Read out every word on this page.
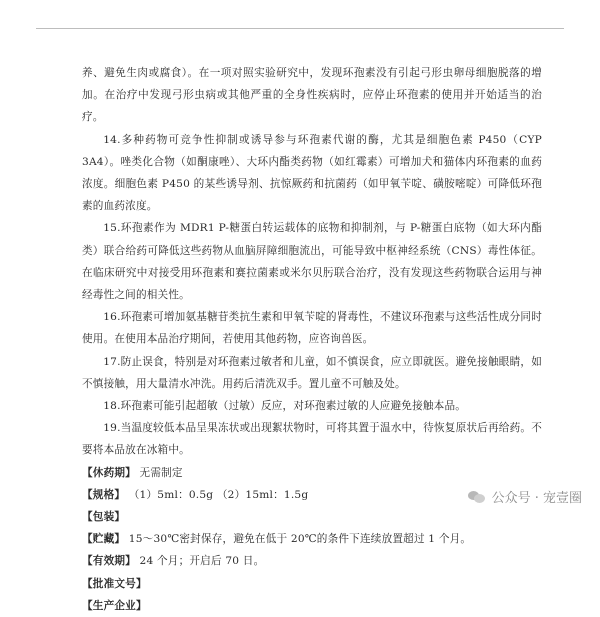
养、避免生肉或腐食）。在一项对照实验研究中，发现环孢素没有引起弓形虫卵母细胞脱落的增加。在治疗中发现弓形虫病或其他严重的全身性疾病时，应停止环孢素的使用并开始适当的治疗。

14.多种药物可竞争性抑制或诱导参与环孢素代谢的酶，尤其是细胞色素 P450（CYP 3A4）。唑类化合物（如酮康唑）、大环内酯类药物（如红霉素）可增加犬和猫体内环孢素的血药浓度。细胞色素 P450 的某些诱导剂、抗惊厥药和抗菌药（如甲氧苄啶、磺胺嘧啶）可降低环孢素的血药浓度。

15.环孢素作为 MDR1 P-糖蛋白转运载体的底物和抑制剂，与 P-糖蛋白底物（如大环内酯类）联合给药可降低这些药物从血脑屏障细胞流出，可能导致中枢神经系统（CNS）毒性体征。在临床研究中对接受用环孢素和赛拉菌素或米尔贝肟联合治疗，没有发现这些药物联合运用与神经毒性之间的相关性。

16.环孢素可增加氨基糖苷类抗生素和甲氧苄啶的肾毒性，不建议环孢素与这些活性成分同时使用。在使用本品治疗期间，若使用其他药物，应咨询兽医。

17.防止误食，特别是对环孢素过敏者和儿童，如不慎误食，应立即就医。避免接触眼睛，如不慎接触，用大量清水冲洗。用药后清洗双手。置儿童不可触及处。

18.环孢素可能引起超敏（过敏）反应，对环孢素过敏的人应避免接触本品。

19.当温度较低本品呈果冻状或出现絮状物时，可将其置于温水中，待恢复原状后再给药。不要将本品放在冰箱中。

【休药期】 无需制定

【规格】 （1）5ml：0.5g （2）15ml：1.5g

【包装】

【贮藏】 15～30℃密封保存，避免在低于 20℃的条件下连续放置超过 1 个月。

【有效期】 24 个月；开启后 70 日。

【批准文号】

【生产企业】

公众号 · 宠壹圈
